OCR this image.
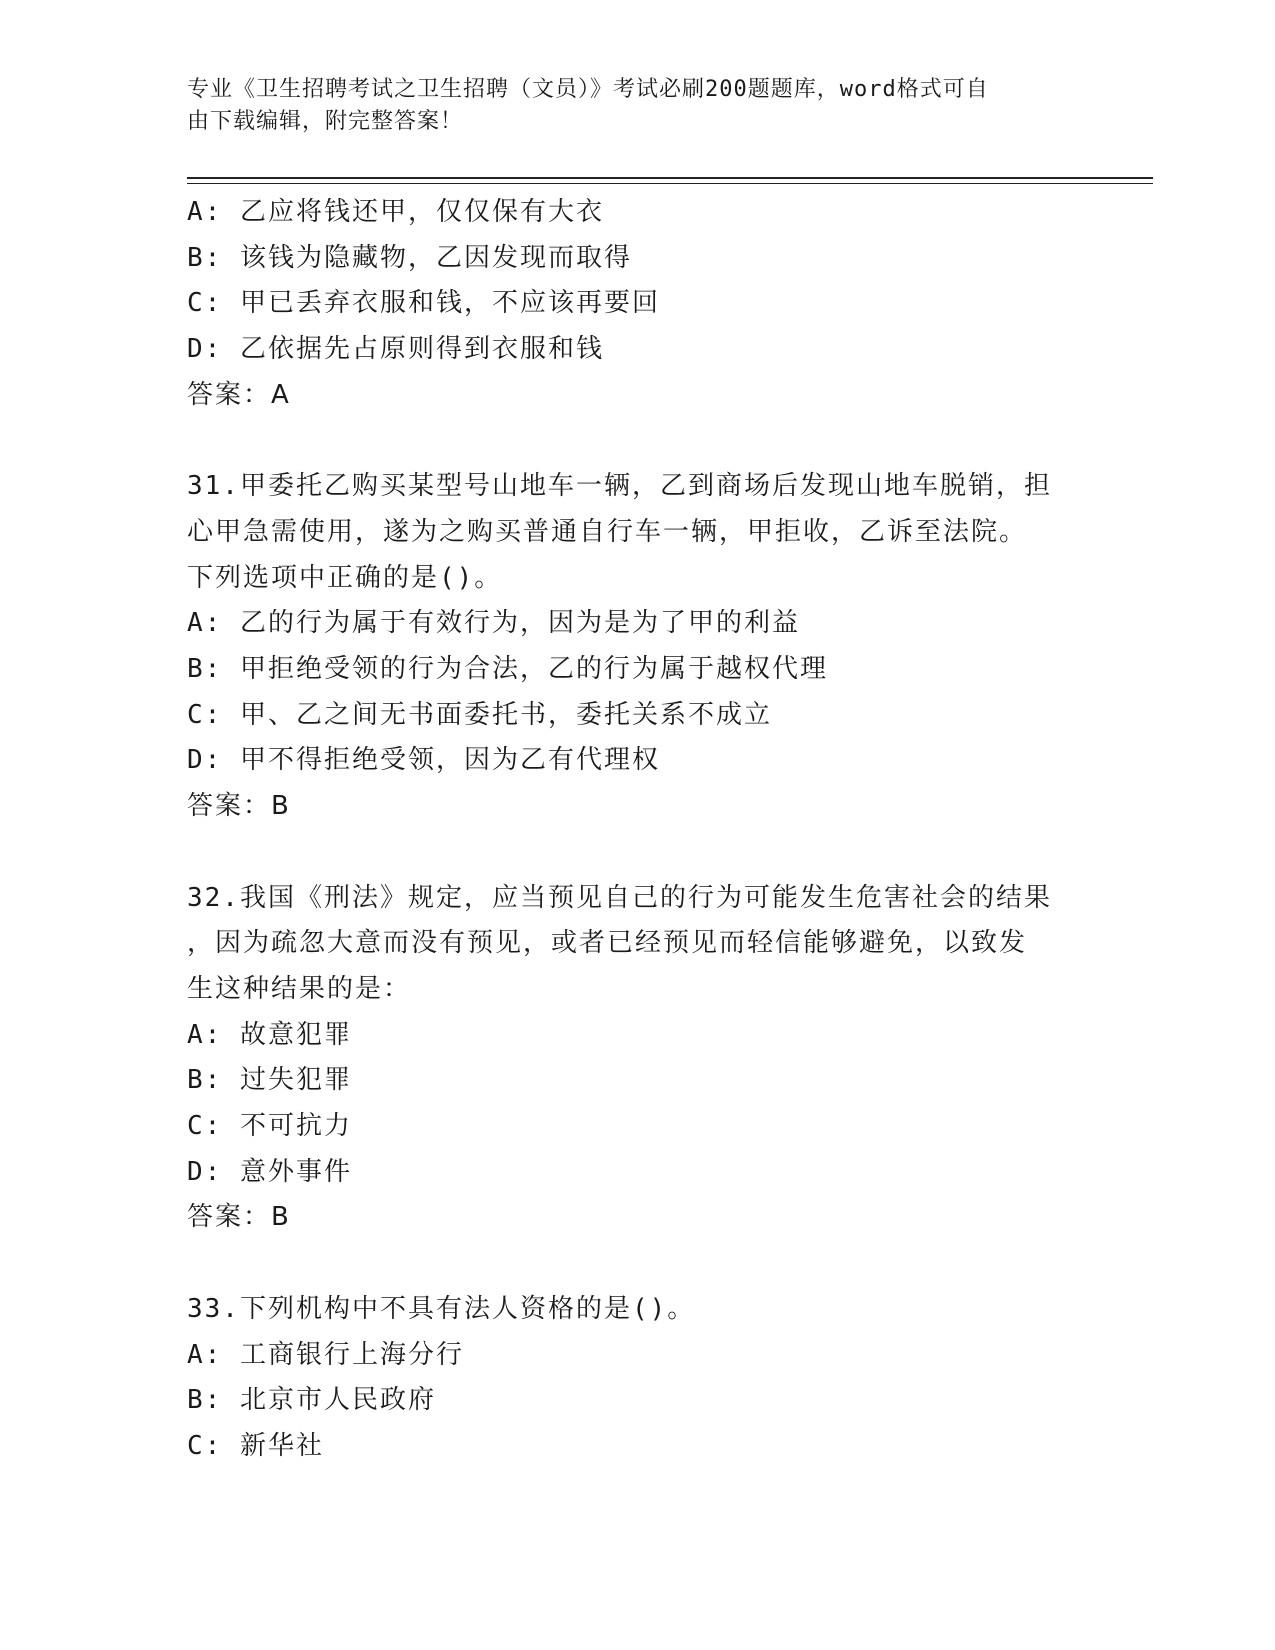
专业《卫生招聘考试之卫生招聘（文员）》考试必刷200题题库，word格式可自
由下载编辑，附完整答案！
A: 乙应将钱还甲，仅仅保有大衣
B: 该钱为隐藏物，乙因发现而取得
C: 甲已丢弃衣服和钱，不应该再要回
D: 乙依据先占原则得到衣服和钱
答案：A
31.甲委托乙购买某型号山地车一辆，乙到商场后发现山地车脱销，担
心甲急需使用，遂为之购买普通自行车一辆，甲拒收，乙诉至法院。
下列选项中正确的是()。
A: 乙的行为属于有效行为，因为是为了甲的利益
B: 甲拒绝受领的行为合法，乙的行为属于越权代理
C: 甲、乙之间无书面委托书，委托关系不成立
D: 甲不得拒绝受领，因为乙有代理权
答案：B
32.我国《刑法》规定，应当预见自己的行为可能发生危害社会的结果
，因为疏忽大意而没有预见，或者已经预见而轻信能够避免，以致发
生这种结果的是：
A: 故意犯罪
B: 过失犯罪
C: 不可抗力
D: 意外事件
答案：B
33.下列机构中不具有法人资格的是()。
A: 工商银行上海分行
B: 北京市人民政府
C: 新华社
